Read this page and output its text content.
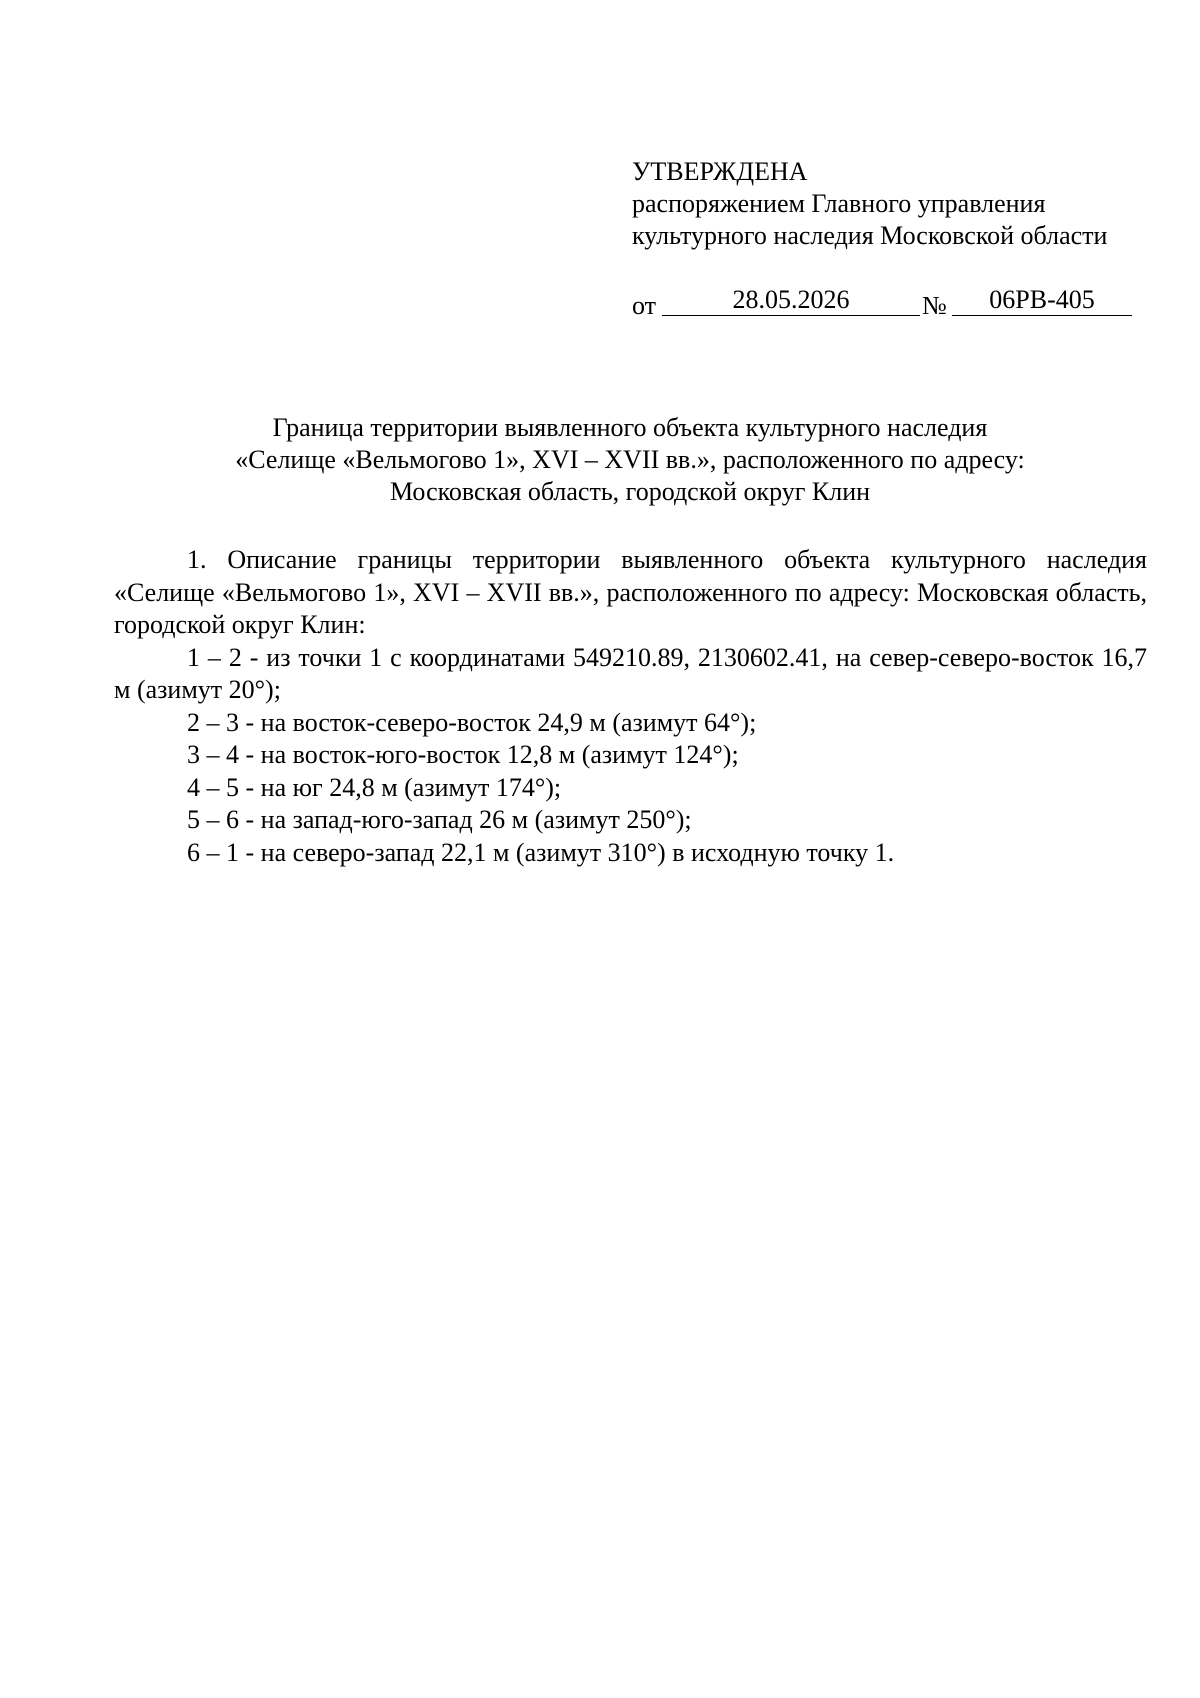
УТВЕРЖДЕНА
распоряжением Главного управления
культурного наследия Московской области
от	28.05.2026	№	06РВ-405
Граница территории выявленного объекта культурного наследия
«Селище «Вельмогово 1», XVI – XVII вв.», расположенного по адресу:
Московская область, городской округ Клин

1. Описание границы территории выявленного объекта культурного наследия «Селище «Вельмогово 1», XVI – XVII вв.», расположенного по адресу: Московская область, городской округ Клин:

1 – 2 - из точки 1 с координатами 549210.89, 2130602.41, на север-северо-восток 16,7 м (азимут 20°);

2 – 3 - на восток-северо-восток 24,9 м (азимут 64°);

3 – 4 - на восток-юго-восток 12,8 м (азимут 124°);

4 – 5 - на юг 24,8 м (азимут 174°);

5 – 6 - на запад-юго-запад 26 м (азимут 250°);

6 – 1 - на северо-запад 22,1 м (азимут 310°) в исходную точку 1.
